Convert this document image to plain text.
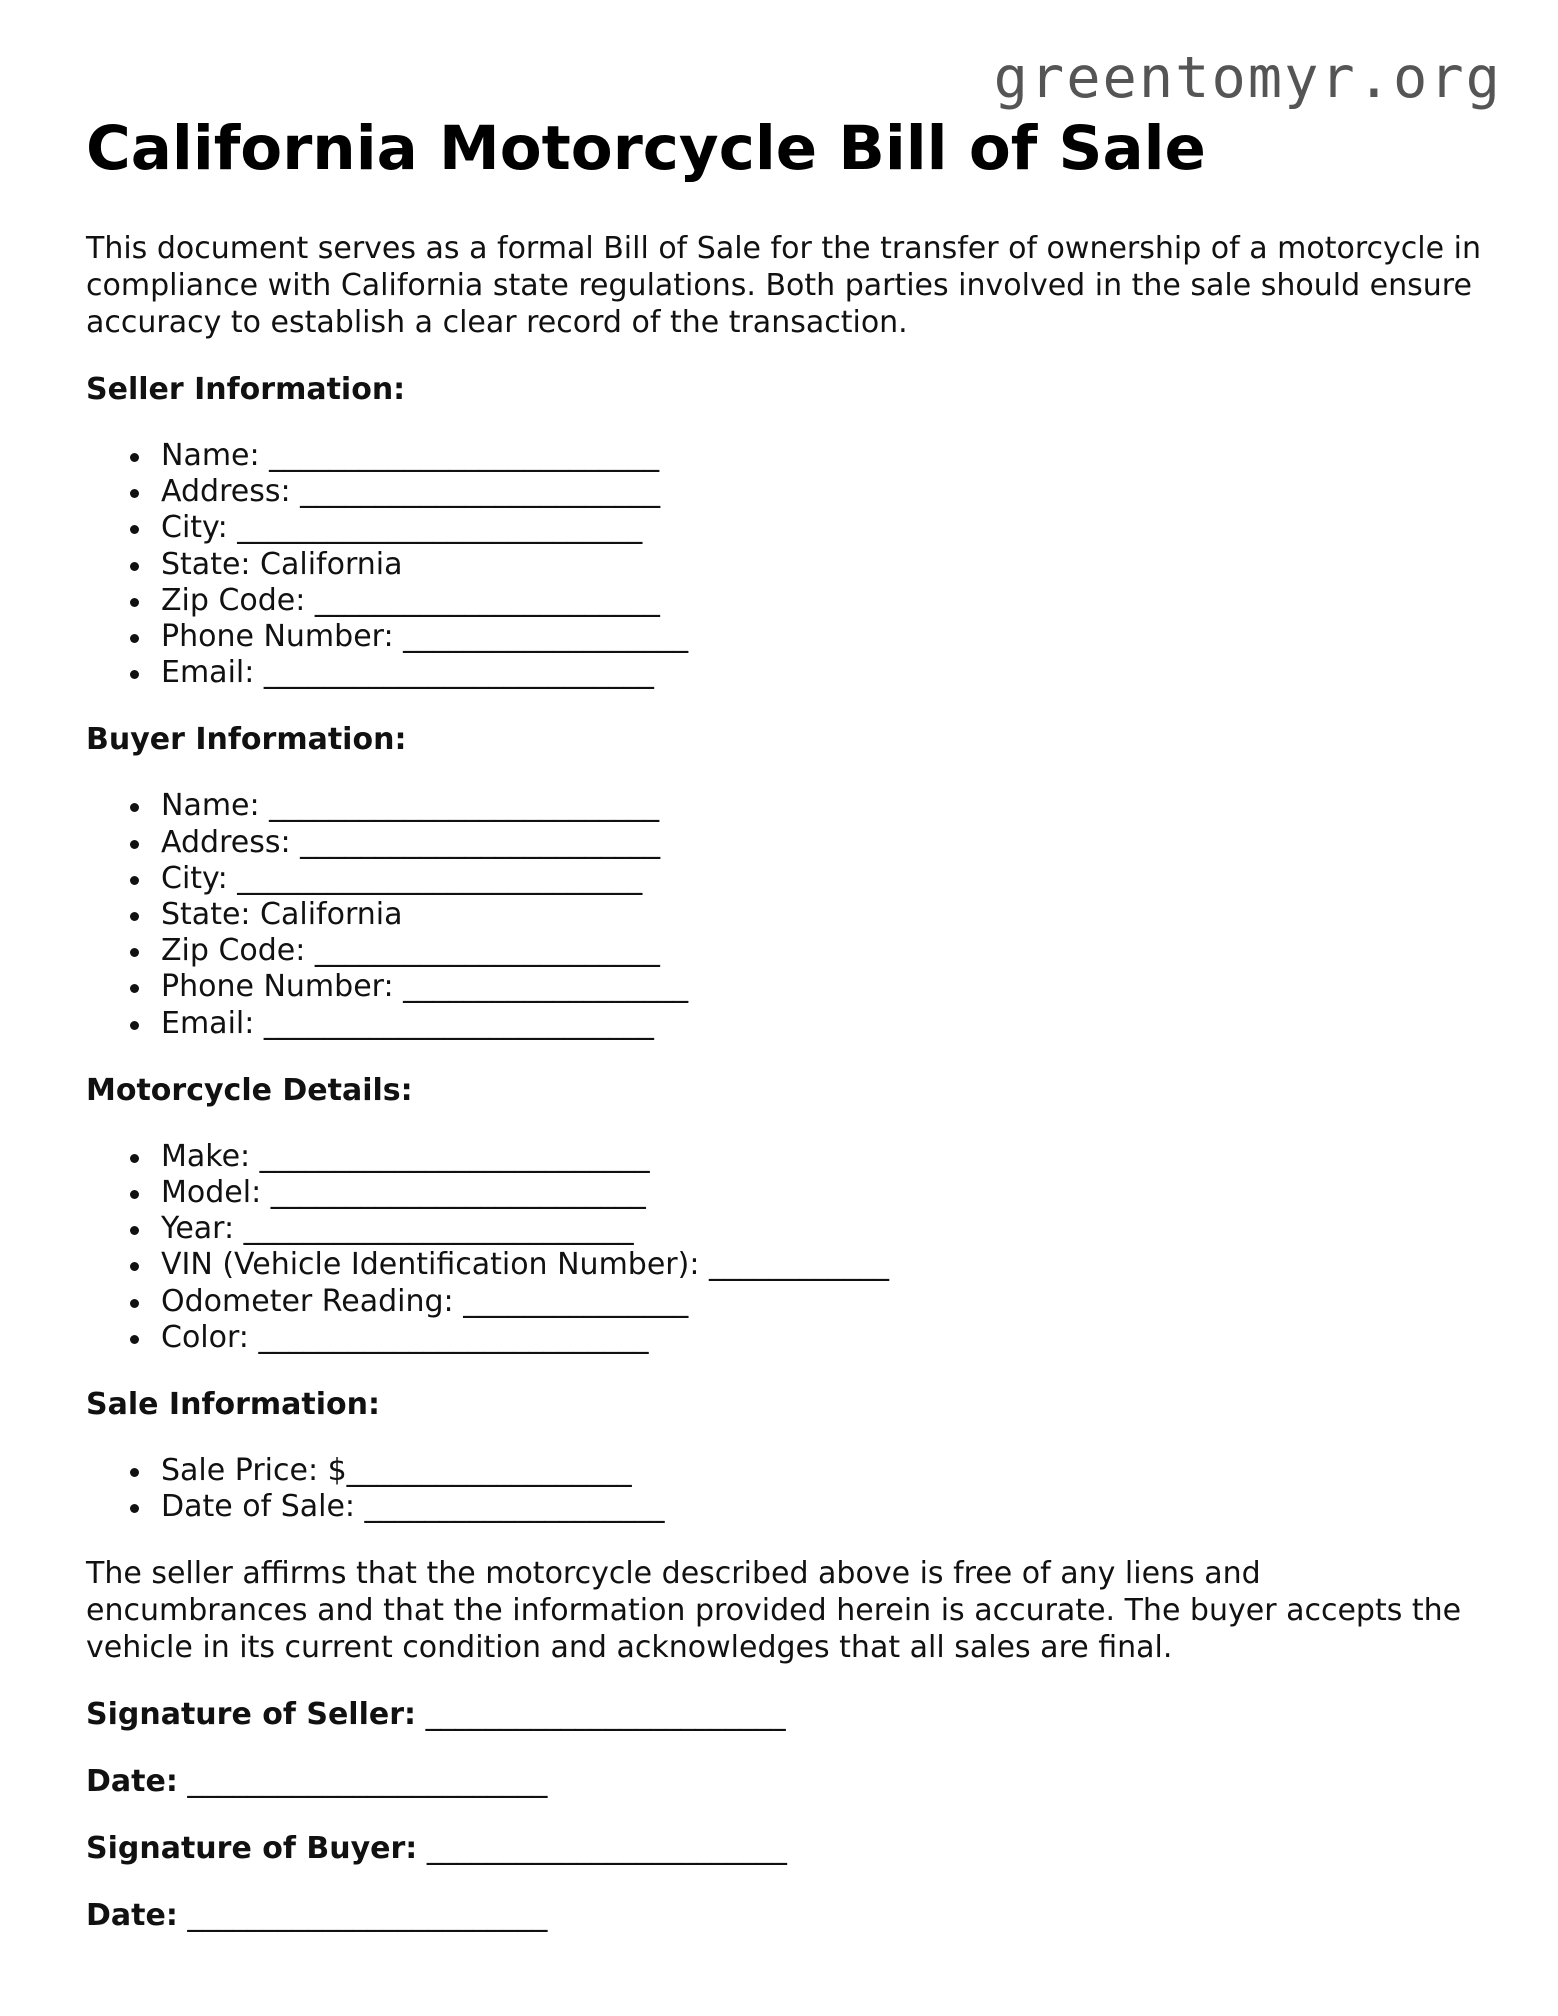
greentomyr.org
California Motorcycle Bill of Sale

This document serves as a formal Bill of Sale for the transfer of ownership of a motorcycle in compliance with California state regulations. Both parties involved in the sale should ensure accuracy to establish a clear record of the transaction.

Seller Information:
Name: __________________________
Address: ________________________
City: ___________________________
State: California
Zip Code: _______________________
Phone Number: ___________________
Email: __________________________
Buyer Information:
Name: __________________________
Address: ________________________
City: ___________________________
State: California
Zip Code: _______________________
Phone Number: ___________________
Email: __________________________
Motorcycle Details:
Make: __________________________
Model: _________________________
Year: __________________________
VIN (Vehicle Identification Number): ____________
Odometer Reading: _______________
Color: __________________________
Sale Information:
Sale Price: $___________________
Date of Sale: ____________________

The seller affirms that the motorcycle described above is free of any liens and encumbrances and that the information provided herein is accurate. The buyer accepts the vehicle in its current condition and acknowledges that all sales are final.

Signature of Seller: ________________________
Date: ________________________
Signature of Buyer: ________________________
Date: ________________________
